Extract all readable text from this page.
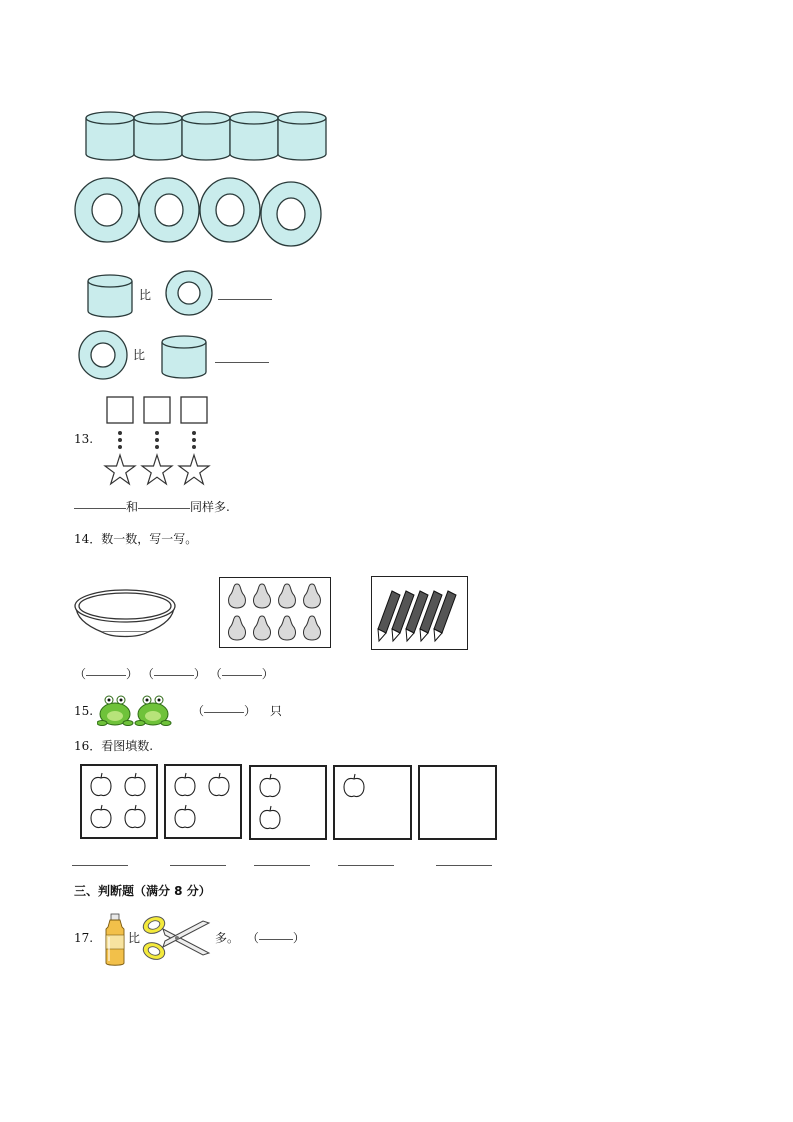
比
比
13.
和	同样多.
14．数一数，写一写。
（	） （	） （	）
15.	（	） 只
16．看图填数.
三、判断题（满分 8 分）
17.	比	多。 （	）
